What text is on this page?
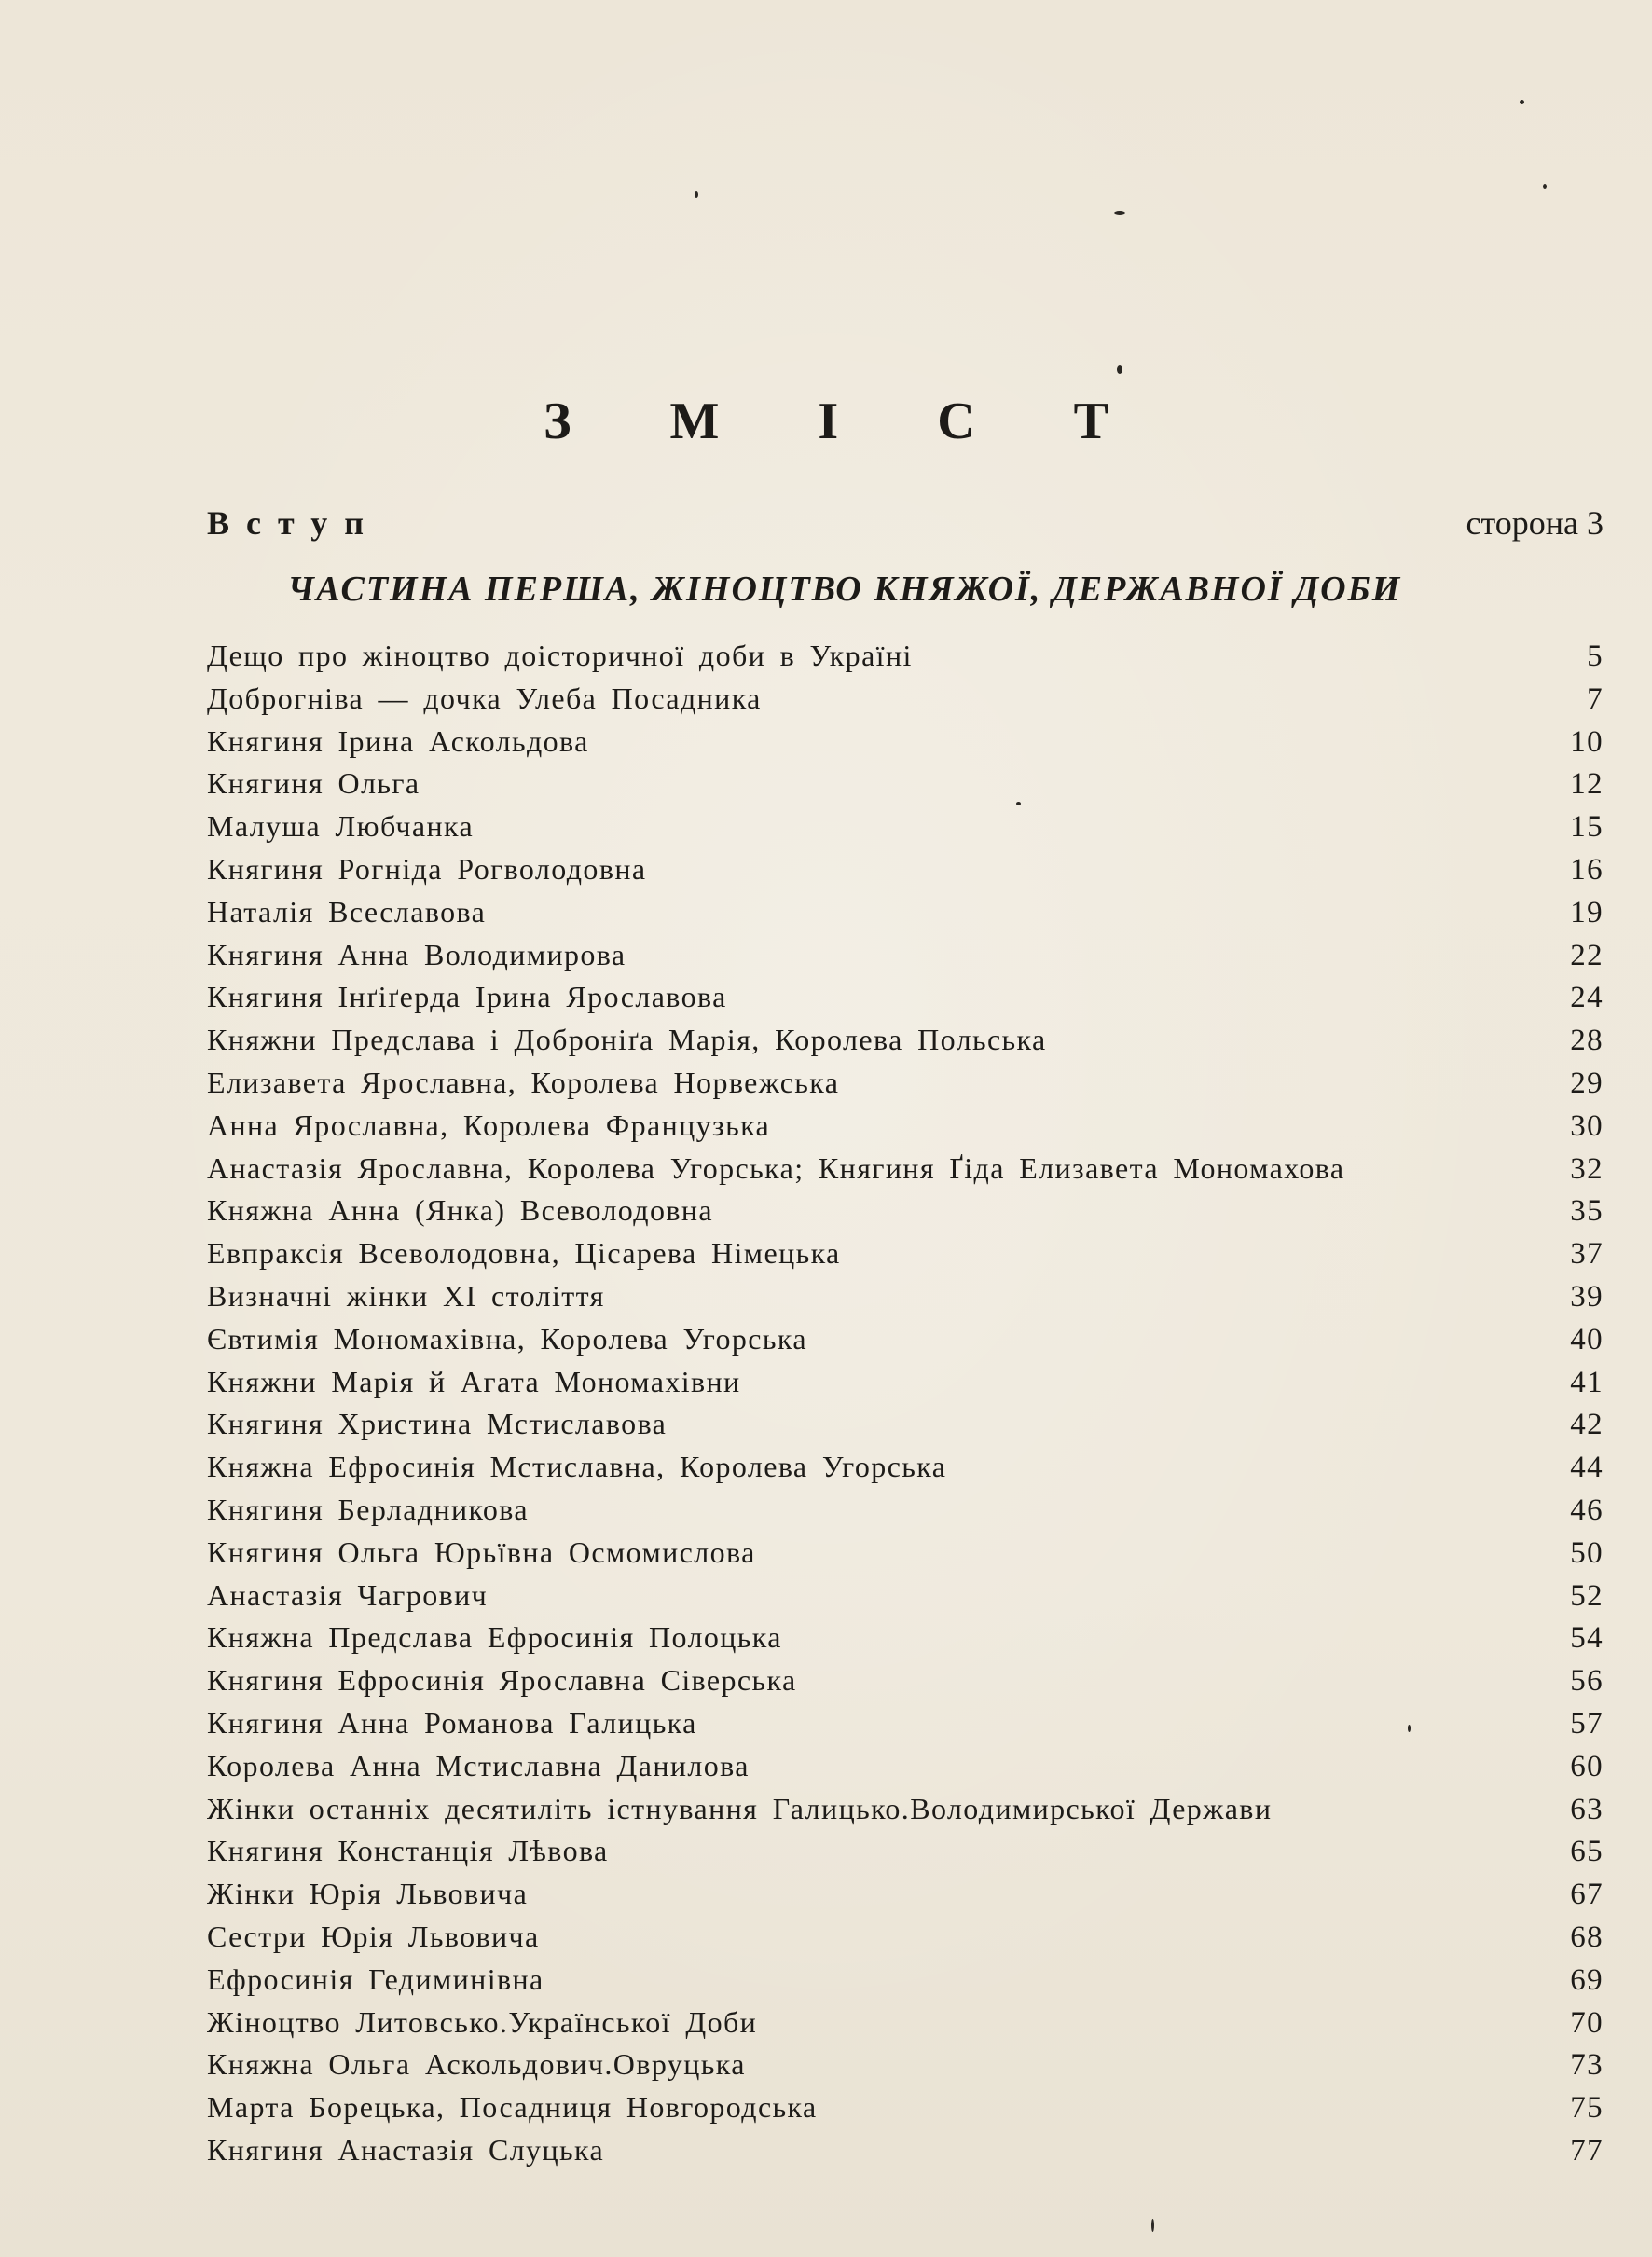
З М І С Т
Вступ	сторона 3
ЧАСТИНА ПЕРША, ЖІНОЦТВО КНЯЖОЇ, ДЕРЖАВНОЇ ДОБИ
Дещо про жіноцтво доісторичної доби в Україні	5
Доброгніва — дочка Улеба Посадника	7
Княгиня Ірина Аскольдова	10
Княгиня Ольга	12
Малуша Любчанка	15
Княгиня Рогніда Рогволодовна	16
Наталія Всеславова	19
Княгиня Анна Володимирова	22
Княгиня Інґіґерда Ірина Ярославова	24
Княжни Предслава і Доброніґа Марія, Королева Польська	28
Елизавета Ярославна, Королева Норвежська	29
Анна Ярославна, Королева Французька	30
Анастазія Ярославна, Королева Угорська; Княгиня Ґіда Елизавета Мономахова	32
Княжна Анна (Янка) Всеволодовна	35
Евпраксія Всеволодовна, Цісарева Німецька	37
Визначні жінки XI століття	39
Євтимія Мономахівна, Королева Угорська	40
Княжни Марія й Агата Мономахівни	41
Княгиня Христина Мстиславова	42
Княжна Ефросинія Мстиславна, Королева Угорська	44
Княгиня Берладникова	46
Княгиня Ольга Юрьївна Осмомислова	50
Анастазія Чагрович	52
Княжна Предслава Ефросинія Полоцька	54
Княгиня Ефросинія Ярославна Сіверська	56
Княгиня Анна Романова Галицька	57
Королева Анна Мстиславна Данилова	60
Жінки останніх десятиліть істнування Галицько.Володимирської Держави	63
Княгиня Констанція Лѣвова	65
Жінки Юрія Львовича	67
Сестри Юрія Львовича	68
Ефросинія Гедиминівна	69
Жіноцтво Литовсько.Української Доби	70
Княжна Ольга Аскольдович.Овруцька	73
Марта Борецька, Посадниця Новгородська	75
Княгиня Анастазія Слуцька	77
